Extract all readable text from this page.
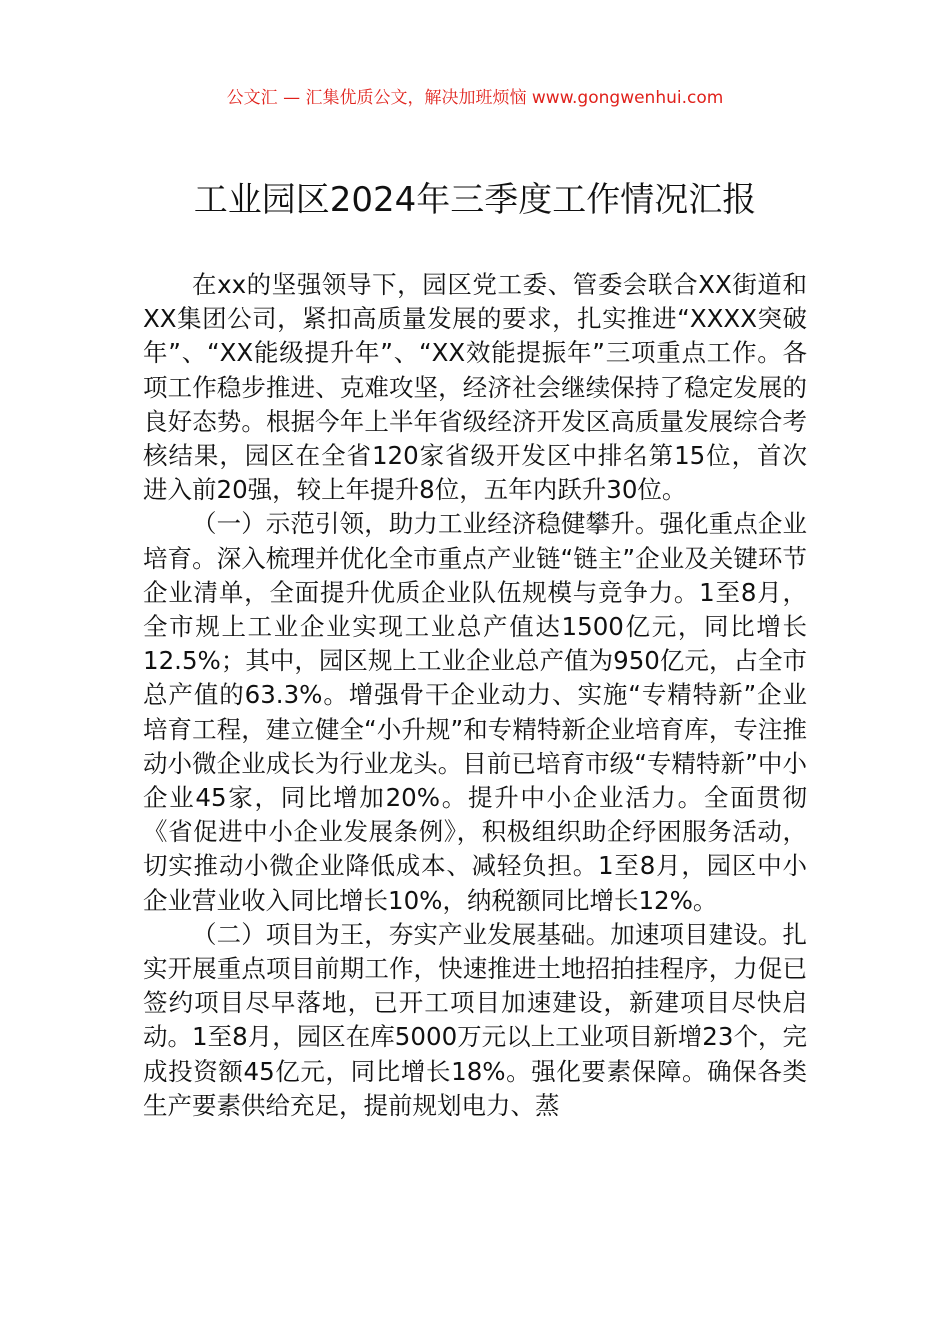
公文汇 — 汇集优质公文，解决加班烦恼 www.gongwenhui.com
工业园区2024年三季度工作情况汇报

在xx的坚强领导下，园区党工委、管委会联合XX街道和XX集团公司，紧扣高质量发展的要求，扎实推进“XXXX突破年”、“XX能级提升年”、“XX效能提振年”三项重点工作。各项工作稳步推进、克难攻坚，经济社会继续保持了稳定发展的良好态势。根据今年上半年省级经济开发区高质量发展综合考核结果，园区在全省120家省级开发区中排名第15位，首次进入前20强，较上年提升8位，五年内跃升30位。

（一）示范引领，助力工业经济稳健攀升。强化重点企业培育。深入梳理并优化全市重点产业链“链主”企业及关键环节企业清单，全面提升优质企业队伍规模与竞争力。1至8月，全市规上工业企业实现工业总产值达1500亿元，同比增长12.5%；其中，园区规上工业企业总产值为950亿元，占全市总产值的63.3%。增强骨干企业动力、实施“专精特新”企业培育工程，建立健全“小升规”和专精特新企业培育库，专注推动小微企业成长为行业龙头。目前已培育市级“专精特新”中小企业45家，同比增加20%。提升中小企业活力。全面贯彻《省促进中小企业发展条例》，积极组织助企纾困服务活动，切实推动小微企业降低成本、减轻负担。1至8月，园区中小企业营业收入同比增长10%，纳税额同比增长12%。

（二）项目为王，夯实产业发展基础。加速项目建设。扎实开展重点项目前期工作，快速推进土地招拍挂程序，力促已签约项目尽早落地，已开工项目加速建设，新建项目尽快启动。1至8月，园区在库5000万元以上工业项目新增23个，完成投资额45亿元，同比增长18%。强化要素保障。确保各类生产要素供给充足，提前规划电力、蒸
